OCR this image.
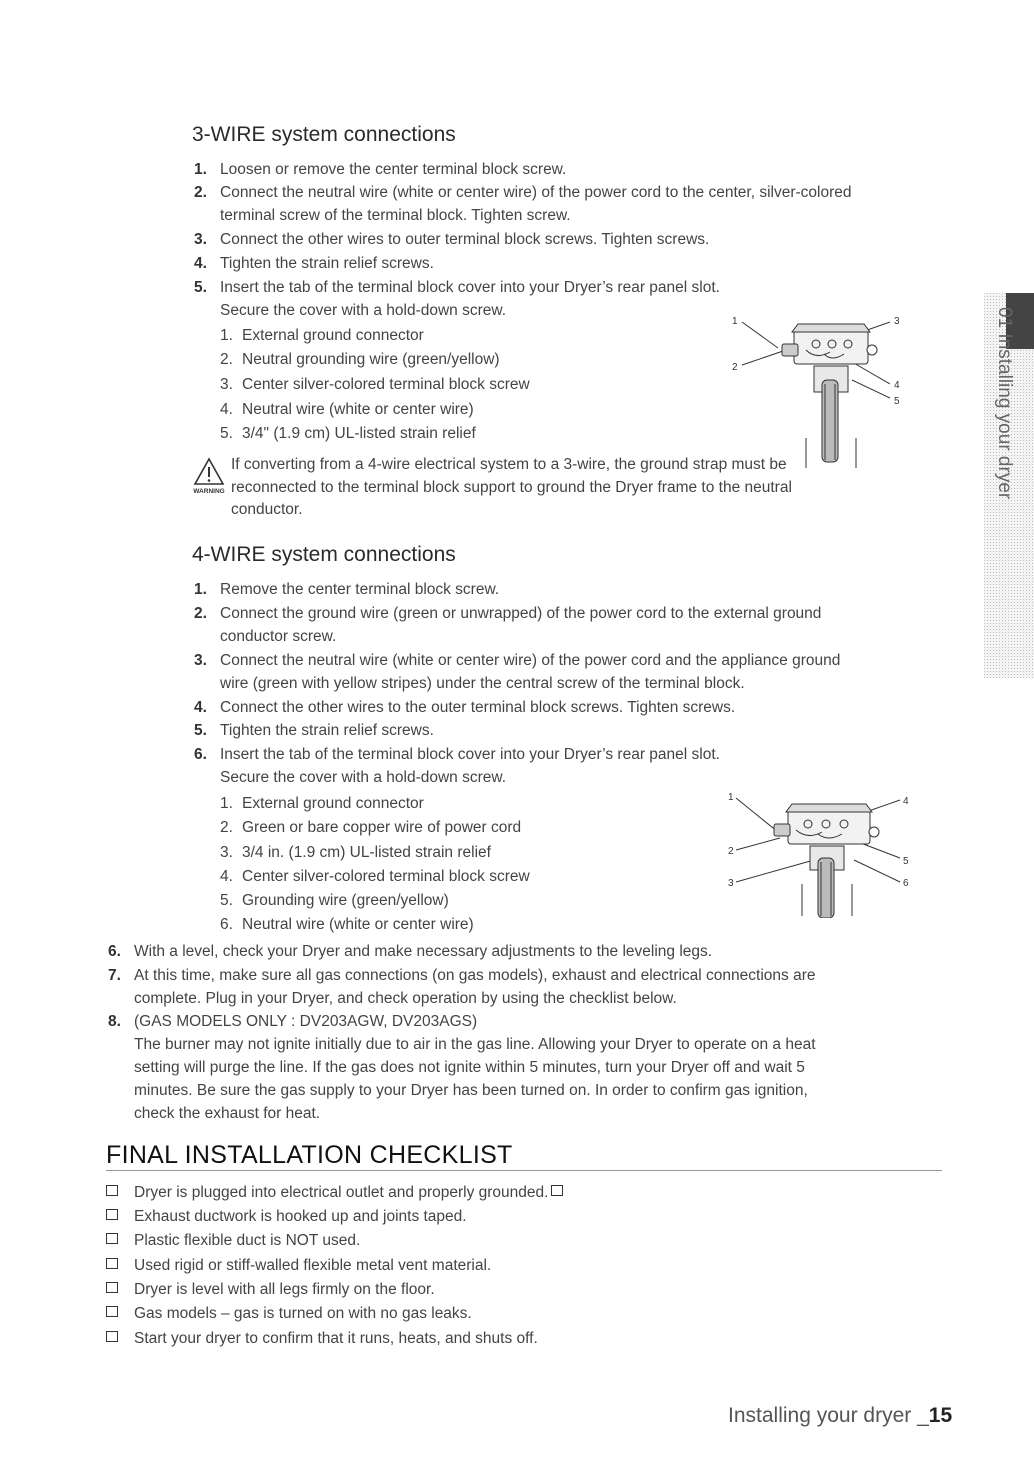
3-WIRE system connections
1. Loosen or remove the center terminal block screw.
2. Connect the neutral wire (white or center wire) of the power cord to the center, silver-colored
terminal screw of the terminal block. Tighten screw.
3. Connect the other wires to outer terminal block screws. Tighten screws.
4. Tighten the strain relief screws.
5. Insert the tab of the terminal block cover into your Dryer’s rear panel slot.
Secure the cover with a hold-down screw.
1. External ground connector
2. Neutral grounding wire (green/yellow)
3. Center silver-colored terminal block screw
4. Neutral wire (white or center wire)
5. 3/4" (1.9 cm) UL-listed strain relief
1
2
3
4
5
WARNING
If converting from a 4-wire electrical system to a 3-wire, the ground strap must be
reconnected to the terminal block support to ground the Dryer frame to the neutral
conductor.
4-WIRE system connections
1. Remove the center terminal block screw.
2. Connect the ground wire (green or unwrapped) of the power cord to the external ground
conductor screw.
3. Connect the neutral wire (white or center wire) of the power cord and the appliance ground
wire (green with yellow stripes) under the central screw of the terminal block.
4. Connect the other wires to the outer terminal block screws. Tighten screws.
5. Tighten the strain relief screws.
6. Insert the tab of the terminal block cover into your Dryer’s rear panel slot.
Secure the cover with a hold-down screw.
1. External ground connector
2. Green or bare copper wire of power cord
3. 3/4 in. (1.9 cm) UL-listed strain relief
4. Center silver-colored terminal block screw
5. Grounding wire (green/yellow)
6. Neutral wire (white or center wire)
1
2
3
4
5
6
6. With a level, check your Dryer and make necessary adjustments to the leveling legs.
7. At this time, make sure all gas connections (on gas models), exhaust and electrical connections are
complete. Plug in your Dryer, and check operation by using the checklist below.
8. (GAS MODELS ONLY : DV203AGW, DV203AGS)
The burner may not ignite initially due to air in the gas line. Allowing your Dryer to operate on a heat
setting will purge the line. If the gas does not ignite within 5 minutes, turn your Dryer off and wait 5
minutes. Be sure the gas supply to your Dryer has been turned on. In order to confirm gas ignition,
check the exhaust for heat.
FINAL INSTALLATION CHECKLIST
Dryer is plugged into electrical outlet and properly grounded.
Exhaust ductwork is hooked up and joints taped.
Plastic flexible duct is NOT used.
Used rigid or stiff-walled flexible metal vent material.
Dryer is level with all legs firmly on the floor.
Gas models – gas is turned on with no gas leaks.
Start your dryer to confirm that it runs, heats, and shuts off.
01 Installing your dryer
Installing your dryer _15
